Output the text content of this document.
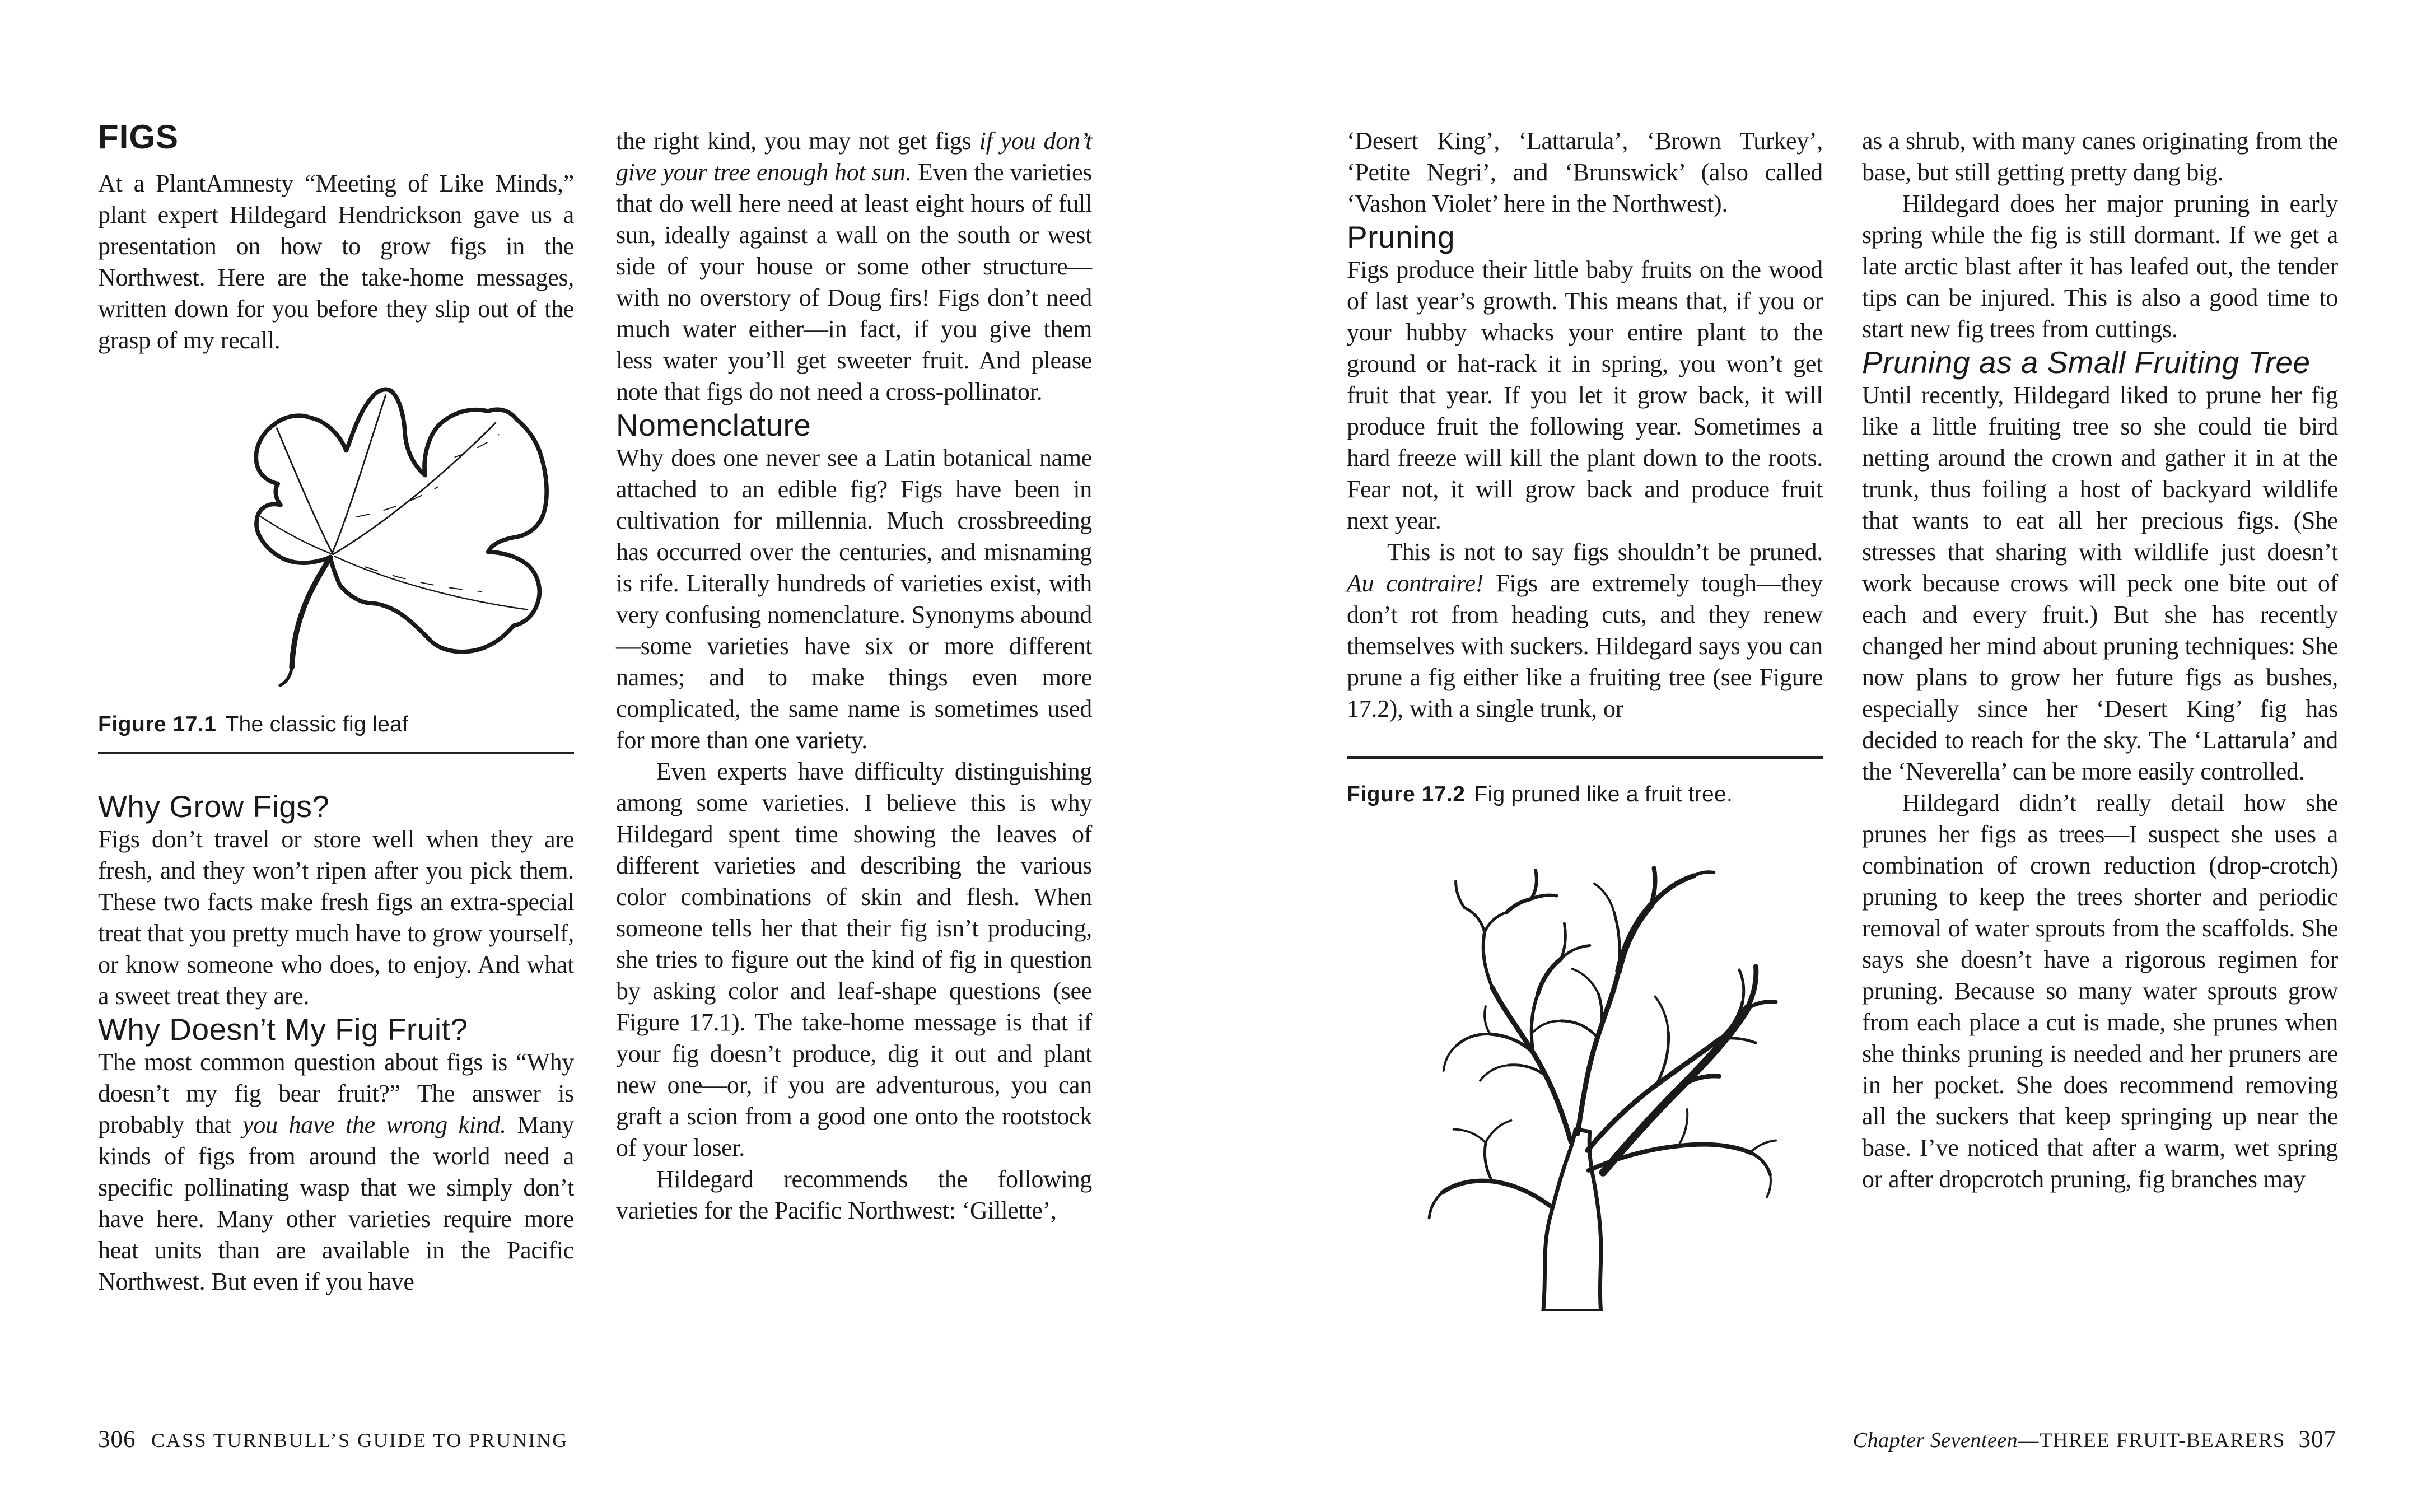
FIGS

At a PlantAmnesty “Meeting of Like Minds,” plant expert Hildegard Hendrickson gave us a presentation on how to grow figs in the Northwest. Here are the take-home messages, written down for you before they slip out of the grasp of my recall.

Figure 17.1 The classic fig leaf

Why Grow Figs?

Figs don’t travel or store well when they are fresh, and they won’t ripen after you pick them. These two facts make fresh figs an extra-special treat that you pretty much have to grow yourself, or know someone who does, to enjoy. And what a sweet treat they are.

Why Doesn’t My Fig Fruit?

The most common question about figs is “Why doesn’t my fig bear fruit?” The answer is probably that you have the wrong kind. Many kinds of figs from around the world need a specific pollinating wasp that we simply don’t have here. Many other varieties require more heat units than are available in the Pacific Northwest. But even if you have

the right kind, you may not get figs if you don’t give your tree enough hot sun. Even the varieties that do well here need at least eight hours of full sun, ideally against a wall on the south or west side of your house or some other structure—with no overstory of Doug firs! Figs don’t need much water either—in fact, if you give them less water you’ll get sweeter fruit. And please note that figs do not need a cross-pollinator.

Nomenclature

Why does one never see a Latin botanical name attached to an edible fig? Figs have been in cultivation for millennia. Much crossbreeding has occurred over the centuries, and misnaming is rife. Literally hundreds of varieties exist, with very confusing nomenclature. Synonyms abound—some varieties have six or more different names; and to make things even more complicated, the same name is sometimes used for more than one variety.

Even experts have difficulty distinguishing among some varieties. I believe this is why Hildegard spent time showing the leaves of different varieties and describing the various color combinations of skin and flesh. When someone tells her that their fig isn’t producing, she tries to figure out the kind of fig in question by asking color and leaf-shape questions (see Figure 17.1). The take-home message is that if your fig doesn’t produce, dig it out and plant new one—or, if you are adventurous, you can graft a scion from a good one onto the rootstock of your loser.

Hildegard recommends the following varieties for the Pacific Northwest: ‘Gillette’,

‘Desert King’, ‘Lattarula’, ‘Brown Turkey’, ‘Petite Negri’, and ‘Brunswick’ (also called ‘Vashon Violet’ here in the Northwest).

Pruning

Figs produce their little baby fruits on the wood of last year’s growth. This means that, if you or your hubby whacks your entire plant to the ground or hat-rack it in spring, you won’t get fruit that year. If you let it grow back, it will produce fruit the following year. Sometimes a hard freeze will kill the plant down to the roots. Fear not, it will grow back and produce fruit next year.

This is not to say figs shouldn’t be pruned. Au contraire! Figs are extremely tough—they don’t rot from heading cuts, and they renew themselves with suckers. Hildegard says you can prune a fig either like a fruiting tree (see Figure 17.2), with a single trunk, or

Figure 17.2 Fig pruned like a fruit tree.

as a shrub, with many canes originating from the base, but still getting pretty dang big.

Hildegard does her major pruning in early spring while the fig is still dormant. If we get a late arctic blast after it has leafed out, the tender tips can be injured. This is also a good time to start new fig trees from cuttings.

Pruning as a Small Fruiting Tree

Until recently, Hildegard liked to prune her fig like a little fruiting tree so she could tie bird netting around the crown and gather it in at the trunk, thus foiling a host of backyard wildlife that wants to eat all her precious figs. (She stresses that sharing with wildlife just doesn’t work because crows will peck one bite out of each and every fruit.) But she has recently changed her mind about pruning techniques: She now plans to grow her future figs as bushes, especially since her ‘Desert King’ fig has decided to reach for the sky. The ‘Lattarula’ and the ‘Neverella’ can be more easily controlled.

Hildegard didn’t really detail how she prunes her figs as trees—I suspect she uses a combination of crown reduction (drop-crotch) pruning to keep the trees shorter and periodic removal of water sprouts from the scaffolds. She says she doesn’t have a rigorous regimen for pruning. Because so many water sprouts grow from each place a cut is made, she prunes when she thinks pruning is needed and her pruners are in her pocket. She does recommend removing all the suckers that keep springing up near the base. I’ve noticed that after a warm, wet spring or after dropcrotch pruning, fig branches may

306 CASS TURNBULL’S GUIDE TO PRUNING	Chapter Seventeen—THREE FRUIT-BEARERS 307
